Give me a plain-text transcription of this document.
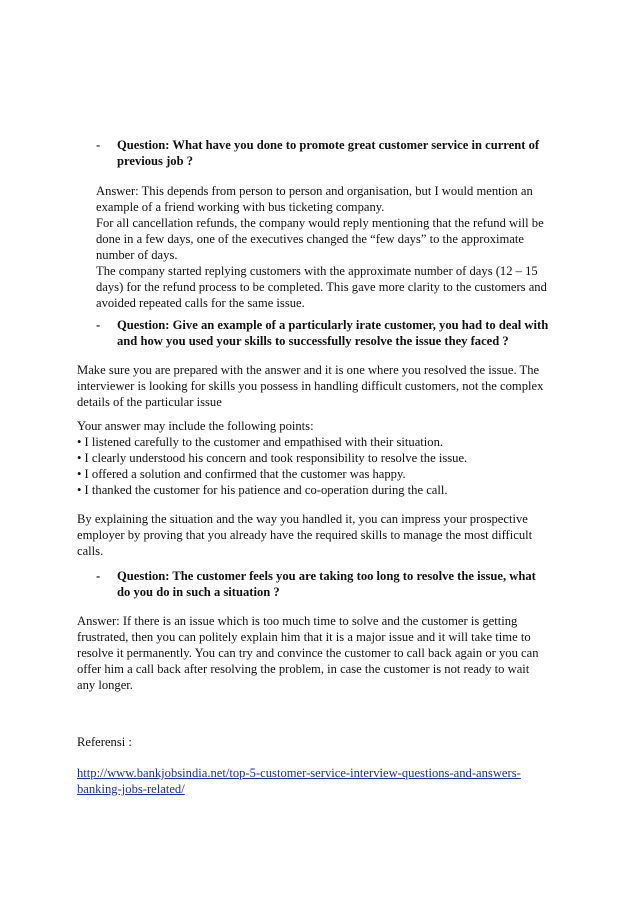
- Question: What have you done to promote great customer service in current of
previous job ?
Answer: This depends from person to person and organisation, but I would mention an
example of a friend working with bus ticketing company.
For all cancellation refunds, the company would reply mentioning that the refund will be
done in a few days, one of the executives changed the “few days” to the approximate
number of days.
The company started replying customers with the approximate number of days (12 – 15
days) for the refund process to be completed. This gave more clarity to the customers and
avoided repeated calls for the same issue.
- Question: Give an example of a particularly irate customer, you had to deal with
and how you used your skills to successfully resolve the issue they faced ?
Make sure you are prepared with the answer and it is one where you resolved the issue. The
interviewer is looking for skills you possess in handling difficult customers, not the complex
details of the particular issue
Your answer may include the following points:
• I listened carefully to the customer and empathised with their situation.
• I clearly understood his concern and took responsibility to resolve the issue.
• I offered a solution and confirmed that the customer was happy.
• I thanked the customer for his patience and co-operation during the call.
By explaining the situation and the way you handled it, you can impress your prospective
employer by proving that you already have the required skills to manage the most difficult
calls.
- Question: The customer feels you are taking too long to resolve the issue, what
do you do in such a situation ?
Answer: If there is an issue which is too much time to solve and the customer is getting
frustrated, then you can politely explain him that it is a major issue and it will take time to
resolve it permanently. You can try and convince the customer to call back again or you can
offer him a call back after resolving the problem, in case the customer is not ready to wait
any longer.
Referensi :
http://www.bankjobsindia.net/top-5-customer-service-interview-questions-and-answers-
banking-jobs-related/
